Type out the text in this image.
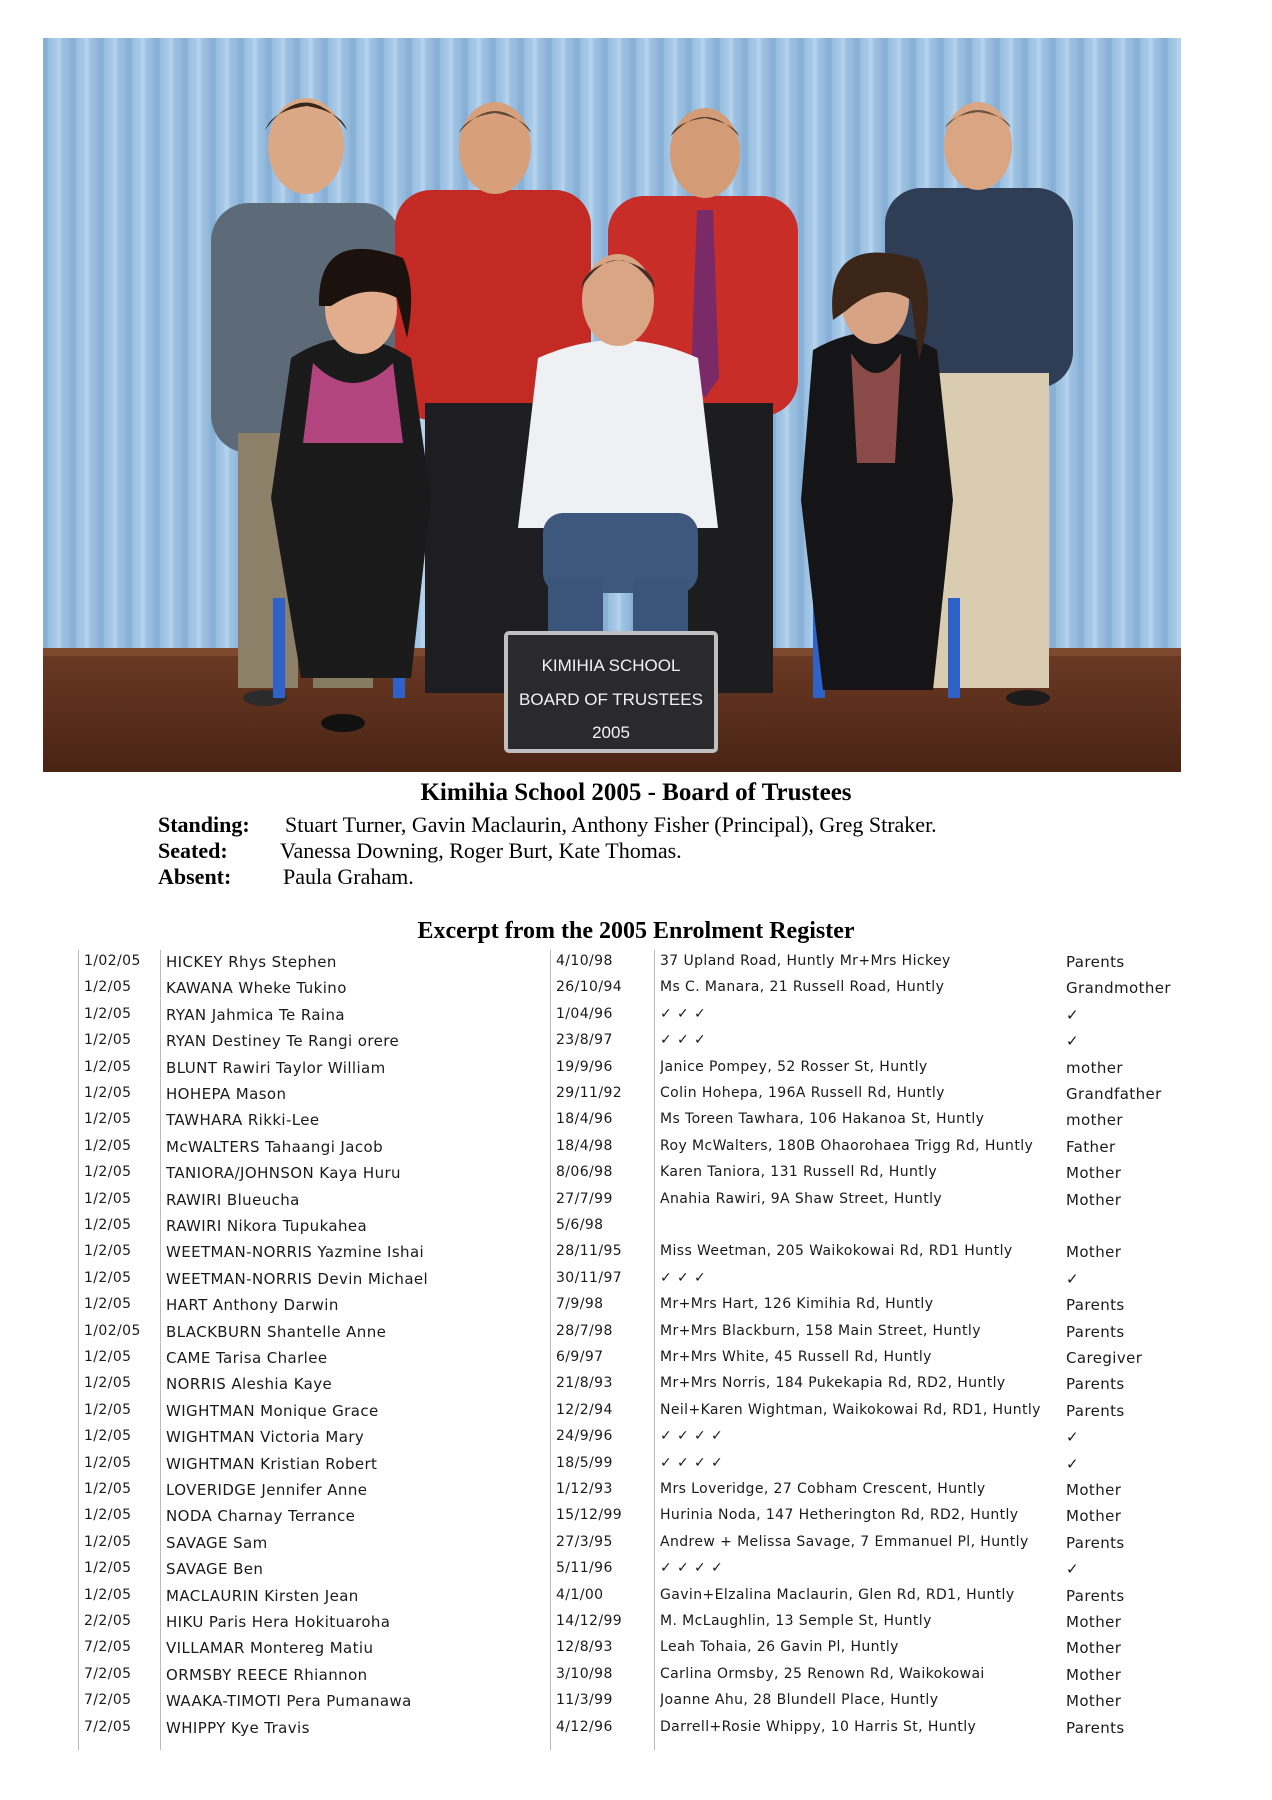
KIMIHIA SCHOOL
BOARD OF TRUSTEES
2005
Kimihia School 2005 - Board of Trustees
Standing: Stuart Turner, Gavin Maclaurin, Anthony Fisher (Principal), Greg Straker.
Seated: Vanessa Downing, Roger Burt, Kate Thomas.
Absent: Paula Graham.
Excerpt from the 2005 Enrolment Register
1/02/05	HICKEY Rhys Stephen	4/10/98	37 Upland Road, Huntly Mr+Mrs Hickey	Parents
1/2/05	KAWANA Wheke Tukino	26/10/94	Ms C. Manara, 21 Russell Road, Huntly	Grandmother
1/2/05	RYAN Jahmica Te Raina	1/04/96	✓ ✓ ✓	✓
1/2/05	RYAN Destiney Te Rangi orere	23/8/97	✓ ✓ ✓	✓
1/2/05	BLUNT Rawiri Taylor William	19/9/96	Janice Pompey, 52 Rosser St, Huntly	mother
1/2/05	HOHEPA Mason	29/11/92	Colin Hohepa, 196A Russell Rd, Huntly	Grandfather
1/2/05	TAWHARA Rikki-Lee	18/4/96	Ms Toreen Tawhara, 106 Hakanoa St, Huntly	mother
1/2/05	McWALTERS Tahaangi Jacob	18/4/98	Roy McWalters, 180B Ohaorohaea Trigg Rd, Huntly	Father
1/2/05	TANIORA/JOHNSON Kaya Huru	8/06/98	Karen Taniora, 131 Russell Rd, Huntly	Mother
1/2/05	RAWIRI Blueucha	27/7/99	Anahia Rawiri, 9A Shaw Street, Huntly	Mother
1/2/05	RAWIRI Nikora Tupukahea	5/6/98
1/2/05	WEETMAN-NORRIS Yazmine Ishai	28/11/95	Miss Weetman, 205 Waikokowai Rd, RD1 Huntly	Mother
1/2/05	WEETMAN-NORRIS Devin Michael	30/11/97	✓ ✓ ✓	✓
1/2/05	HART Anthony Darwin	7/9/98	Mr+Mrs Hart, 126 Kimihia Rd, Huntly	Parents
1/02/05	BLACKBURN Shantelle Anne	28/7/98	Mr+Mrs Blackburn, 158 Main Street, Huntly	Parents
1/2/05	CAME Tarisa Charlee	6/9/97	Mr+Mrs White, 45 Russell Rd, Huntly	Caregiver
1/2/05	NORRIS Aleshia Kaye	21/8/93	Mr+Mrs Norris, 184 Pukekapia Rd, RD2, Huntly	Parents
1/2/05	WIGHTMAN Monique Grace	12/2/94	Neil+Karen Wightman, Waikokowai Rd, RD1, Huntly	Parents
1/2/05	WIGHTMAN Victoria Mary	24/9/96	✓ ✓ ✓ ✓	✓
1/2/05	WIGHTMAN Kristian Robert	18/5/99	✓ ✓ ✓ ✓	✓
1/2/05	LOVERIDGE Jennifer Anne	1/12/93	Mrs Loveridge, 27 Cobham Crescent, Huntly	Mother
1/2/05	NODA Charnay Terrance	15/12/99	Hurinia Noda, 147 Hetherington Rd, RD2, Huntly	Mother
1/2/05	SAVAGE Sam	27/3/95	Andrew + Melissa Savage, 7 Emmanuel Pl, Huntly	Parents
1/2/05	SAVAGE Ben	5/11/96	✓ ✓ ✓ ✓	✓
1/2/05	MACLAURIN Kirsten Jean	4/1/00	Gavin+Elzalina Maclaurin, Glen Rd, RD1, Huntly	Parents
2/2/05	HIKU Paris Hera Hokituaroha	14/12/99	M. McLaughlin, 13 Semple St, Huntly	Mother
7/2/05	VILLAMAR Montereg Matiu	12/8/93	Leah Tohaia, 26 Gavin Pl, Huntly	Mother
7/2/05	ORMSBY REECE Rhiannon	3/10/98	Carlina Ormsby, 25 Renown Rd, Waikokowai	Mother
7/2/05	WAAKA-TIMOTI Pera Pumanawa	11/3/99	Joanne Ahu, 28 Blundell Place, Huntly	Mother
7/2/05	WHIPPY Kye Travis	4/12/96	Darrell+Rosie Whippy, 10 Harris St, Huntly	Parents
